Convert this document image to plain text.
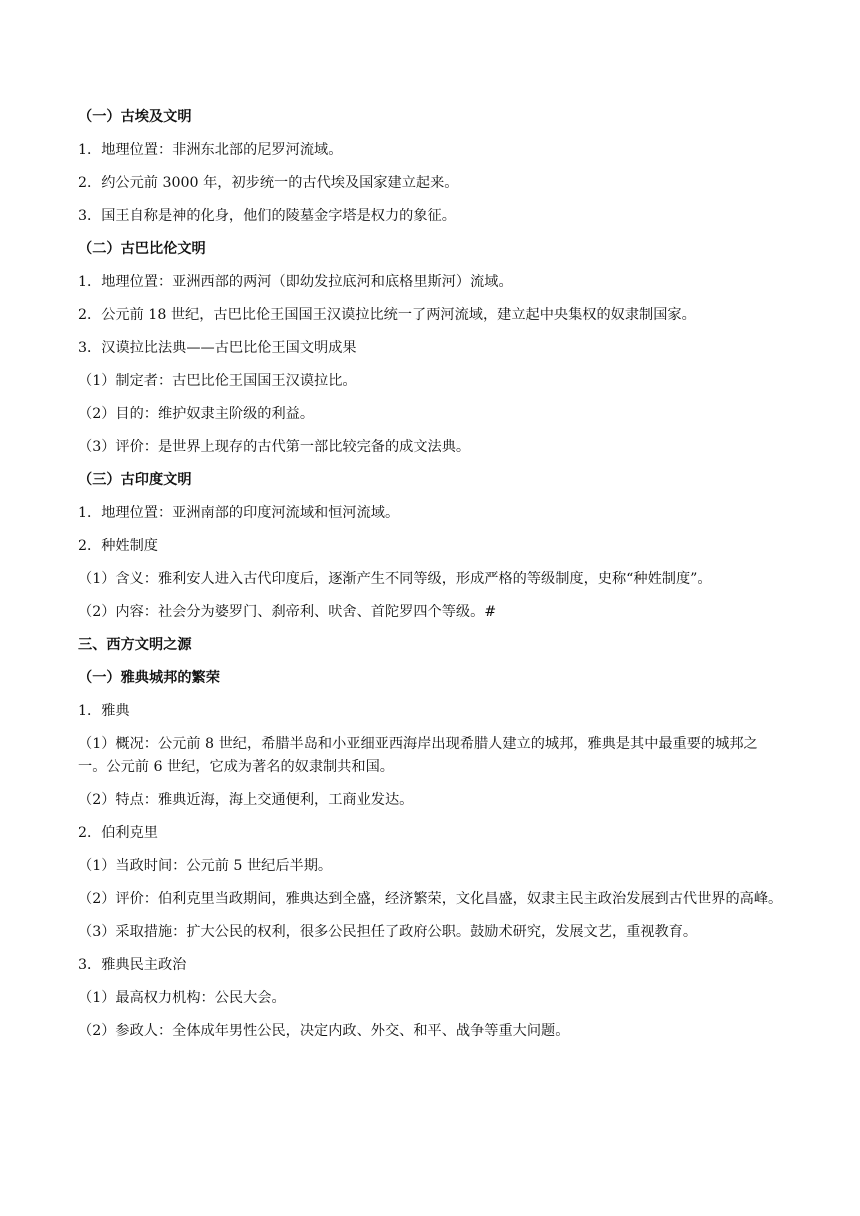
（一）古埃及文明
1．地理位置：非洲东北部的尼罗河流域。
2．约公元前 3000 年，初步统一的古代埃及国家建立起来。
3．国王自称是神的化身，他们的陵墓金字塔是权力的象征。
（二）古巴比伦文明
1．地理位置：亚洲西部的两河（即幼发拉底河和底格里斯河）流域。
2．公元前 18 世纪，古巴比伦王国国王汉谟拉比统一了两河流域，建立起中央集权的奴隶制国家。
3．汉谟拉比法典——古巴比伦王国文明成果
（1）制定者：古巴比伦王国国王汉谟拉比。
（2）目的：维护奴隶主阶级的利益。
（3）评价：是世界上现存的古代第一部比较完备的成文法典。
（三）古印度文明
1．地理位置：亚洲南部的印度河流域和恒河流域。
2．种姓制度
（1）含义：雅利安人进入古代印度后，逐渐产生不同等级，形成严格的等级制度，史称“种姓制度”。
（2）内容：社会分为婆罗门、刹帝利、吠舍、首陀罗四个等级。#
三、西方文明之源
（一）雅典城邦的繁荣
1．雅典
（1）概况：公元前 8 世纪，希腊半岛和小亚细亚西海岸出现希腊人建立的城邦，雅典是其中最重要的城邦之一。公元前 6 世纪，它成为著名的奴隶制共和国。
（2）特点：雅典近海，海上交通便利，工商业发达。
2．伯利克里
（1）当政时间：公元前 5 世纪后半期。
（2）评价：伯利克里当政期间，雅典达到全盛，经济繁荣，文化昌盛，奴隶主民主政治发展到古代世界的高峰。
（3）采取措施：扩大公民的权利，很多公民担任了政府公职。鼓励术研究，发展文艺，重视教育。
3．雅典民主政治
（1）最高权力机构：公民大会。
（2）参政人：全体成年男性公民，决定内政、外交、和平、战争等重大问题。
